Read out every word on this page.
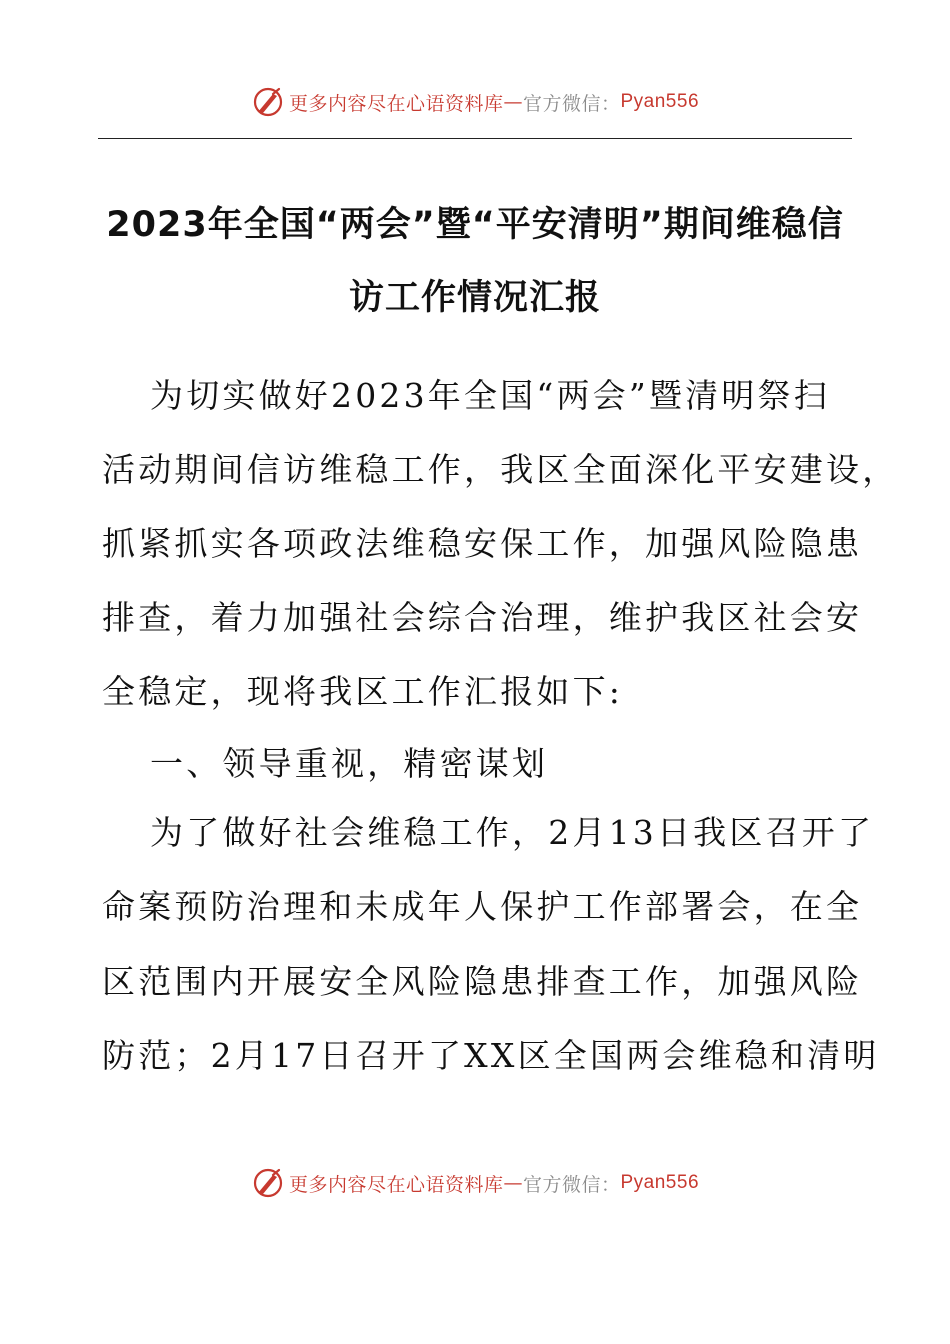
更多内容尽在心语资料库 — 官方微信： Pyan556
2023年全国“两会”暨“平安清明”期间维稳信
访工作情况汇报
为切实做好2023年全国“两会”暨清明祭扫
活动期间信访维稳工作，我区全面深化平安建设，
抓紧抓实各项政法维稳安保工作，加强风险隐患
排查，着力加强社会综合治理，维护我区社会安
全稳定，现将我区工作汇报如下:
一、领导重视，精密谋划
为了做好社会维稳工作，2月13日我区召开了
命案预防治理和未成年人保护工作部署会，在全
区范围内开展安全风险隐患排查工作，加强风险
防范；2月17日召开了XX区全国两会维稳和清明
更多内容尽在心语资料库 — 官方微信： Pyan556
